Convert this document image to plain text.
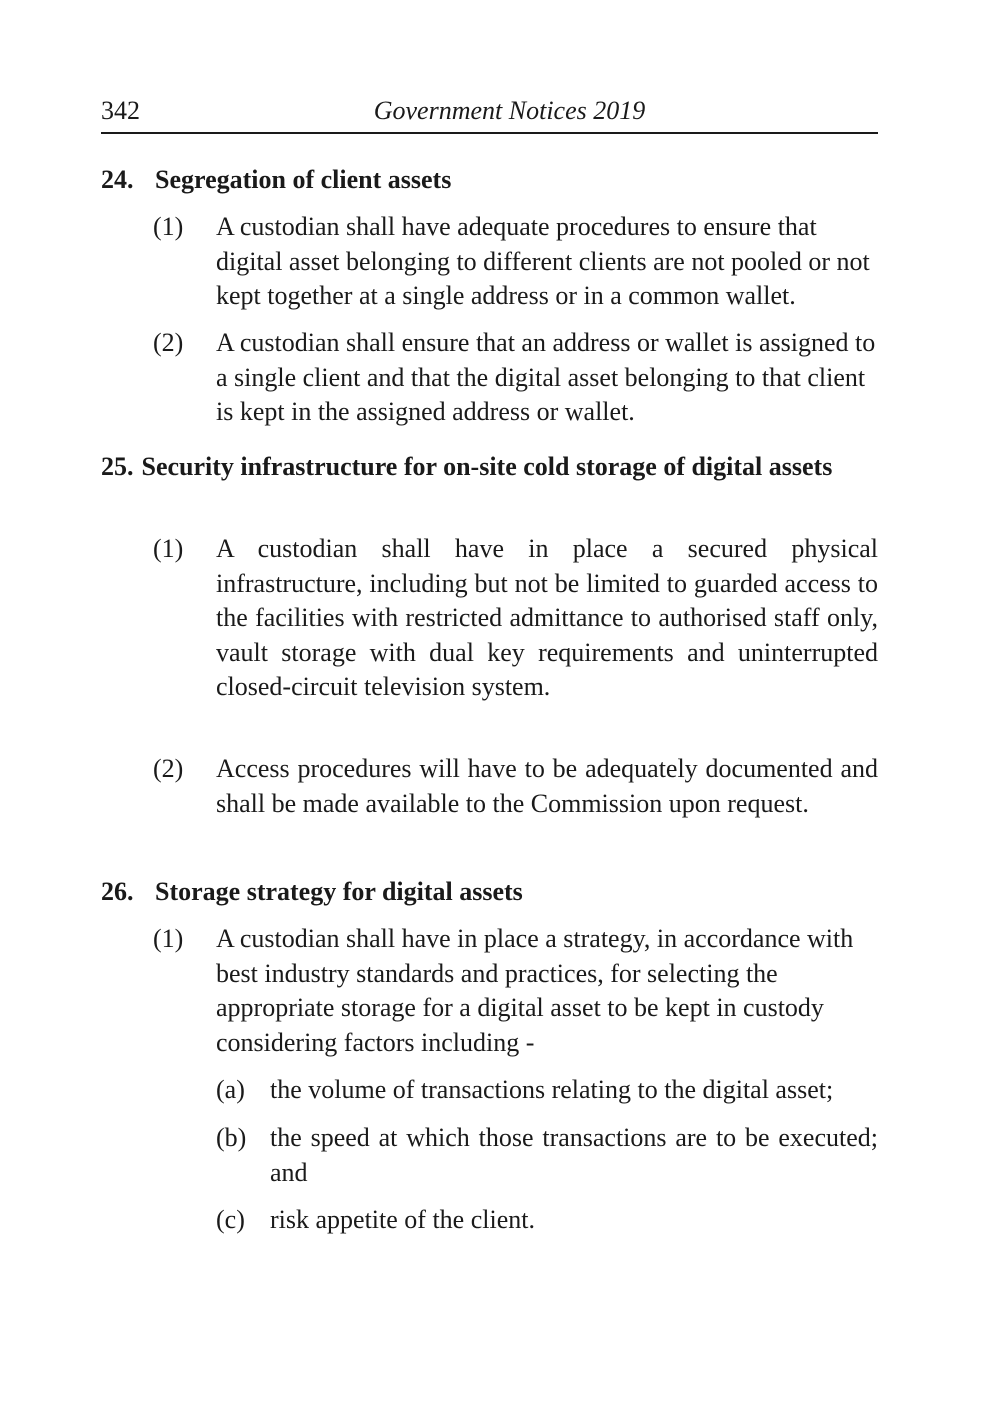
342	Government Notices 2019
24. Segregation of client assets
(1) A custodian shall have adequate procedures to ensure that digital asset belonging to different clients are not pooled or not kept together at a single address or in a common wallet.
(2) A custodian shall ensure that an address or wallet is assigned to a single client and that the digital asset belonging to that client is kept in the assigned address or wallet.
25. Security infrastructure for on-site cold storage of digital assets
(1) A custodian shall have in place a secured physical infrastructure, including but not be limited to guarded access to the facilities with restricted admittance to authorised staff only, vault storage with dual key requirements and uninterrupted closed-circuit television system.
(2) Access procedures will have to be adequately documented and shall be made available to the Commission upon request.
26. Storage strategy for digital assets
(1) A custodian shall have in place a strategy, in accordance with best industry standards and practices, for selecting the appropriate storage for a digital asset to be kept in custody considering factors including -
(a) the volume of transactions relating to the digital asset;
(b) the speed at which those transactions are to be executed; and
(c) risk appetite of the client.
